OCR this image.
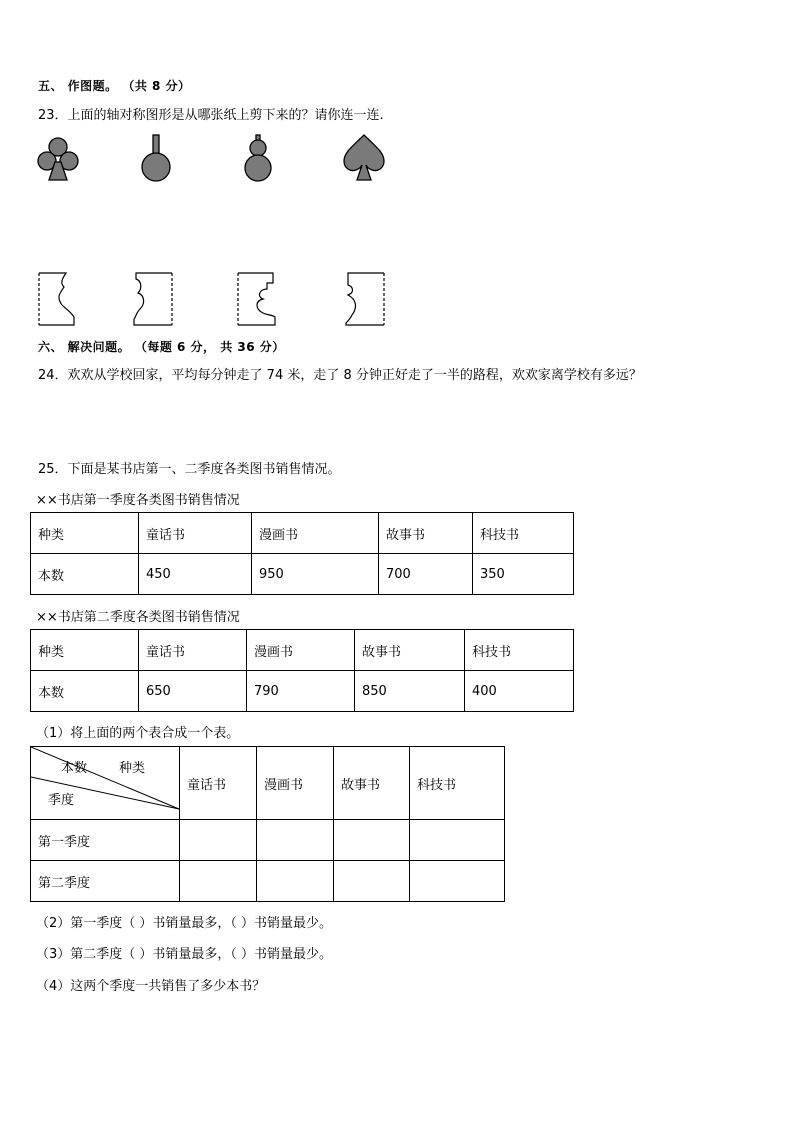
五、 作图题。 （共 8 分）
23．上面的轴对称图形是从哪张纸上剪下来的？请你连一连.
六、 解决问题。 （每题 6 分， 共 36 分）
24．欢欢从学校回家，平均每分钟走了 74 米，走了 8 分钟正好走了一半的路程，欢欢家离学校有多远？
25．下面是某书店第一、二季度各类图书销售情况。
××书店第一季度各类图书销售情况
种类	童话书	漫画书	故事书	科技书
本数	450	950	700	350
××书店第二季度各类图书销售情况
种类	童话书	漫画书	故事书	科技书
本数	650	790	850	400
（1）将上面的两个表合成一个表。
本数 种类
季度	童话书	漫画书	故事书	科技书
第一季度				
第二季度				
（2）第一季度（ ）书销量最多，（ ）书销量最少。
（3）第二季度（ ）书销量最多，（ ）书销量最少。
（4）这两个季度一共销售了多少本书？
